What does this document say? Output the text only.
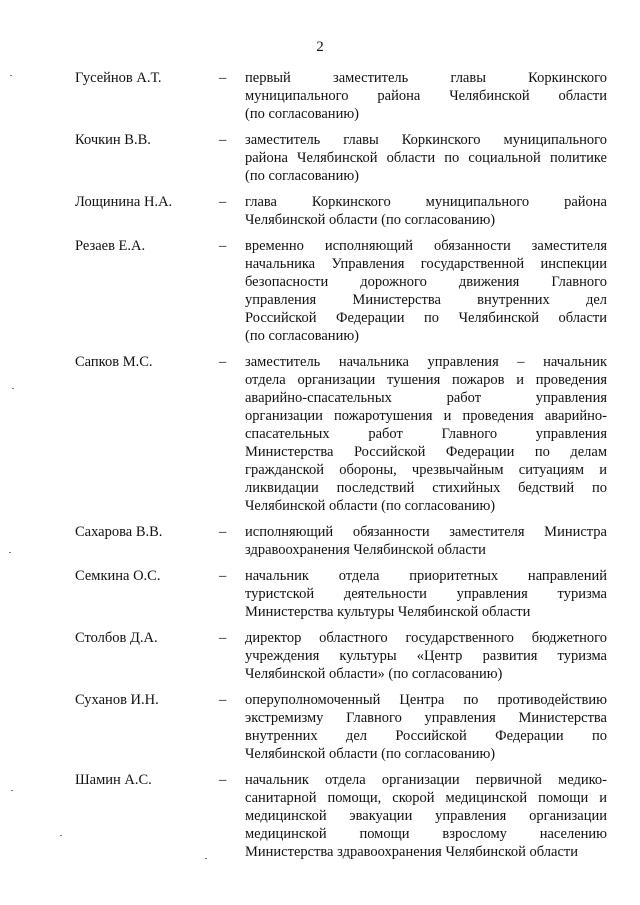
2
Гусейнов А.Т.	–	первый заместитель главы Коркинского
муниципального района Челябинской области
(по согласованию)
Кочкин В.В.	–	заместитель главы Коркинского муниципального
района Челябинской области по социальной политике
(по согласованию)
Лощинина Н.А.	–	глава Коркинского муниципального района
Челябинской области (по согласованию)
Резаев Е.А.	–	временно исполняющий обязанности заместителя
начальника Управления государственной инспекции
безопасности дорожного движения Главного
управления Министерства внутренних дел
Российской Федерации по Челябинской области
(по согласованию)
Сапков М.С.	–	заместитель начальника управления – начальник
отдела организации тушения пожаров и проведения
аварийно-спасательных работ управления
организации пожаротушения и проведения аварийно-
спасательных работ Главного управления
Министерства Российской Федерации по делам
гражданской обороны, чрезвычайным ситуациям и
ликвидации последствий стихийных бедствий по
Челябинской области (по согласованию)
Сахарова В.В.	–	исполняющий обязанности заместителя Министра
здравоохранения Челябинской области
Семкина О.С.	–	начальник отдела приоритетных направлений
туристской деятельности управления туризма
Министерства культуры Челябинской области
Столбов Д.А.	–	директор областного государственного бюджетного
учреждения культуры «Центр развития туризма
Челябинской области» (по согласованию)
Суханов И.Н.	–	оперуполномоченный Центра по противодействию
экстремизму Главного управления Министерства
внутренних дел Российской Федерации по
Челябинской области (по согласованию)
Шамин А.С.	–	начальник отдела организации первичной медико-
санитарной помощи, скорой медицинской помощи и
медицинской эвакуации управления организации
медицинской помощи взрослому населению
Министерства здравоохранения Челябинской области
